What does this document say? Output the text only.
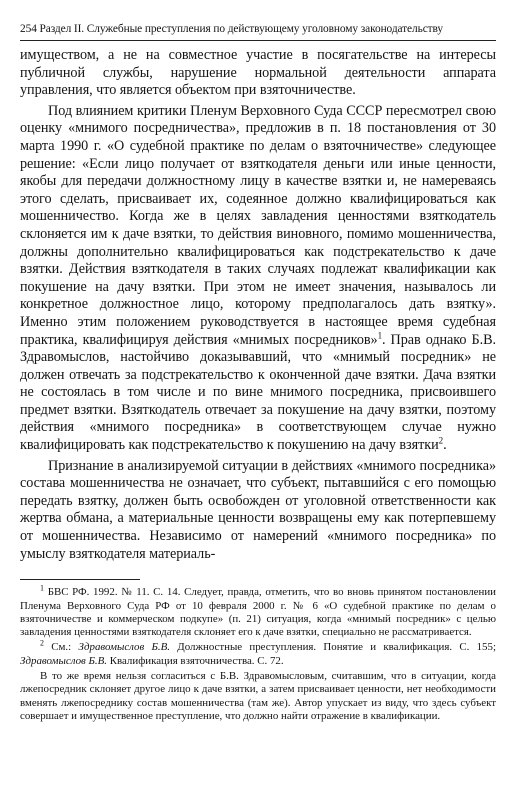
254 Раздел II. Служебные преступления по действующему уголовному законодательству

имуществом, а не на совместное участие в посягательстве на интересы публичной службы, нарушение нормальной деятельности аппарата управления, что является объектом при взяточничестве.

Под влиянием критики Пленум Верховного Суда СССР пересмотрел свою оценку «мнимого посредничества», предложив в п. 18 постановления от 30 марта 1990 г. «О судебной практике по делам о взяточничестве» следующее решение: «Если лицо получает от взяткодателя деньги или иные ценности, якобы для передачи должностному лицу в качестве взятки и, не намереваясь этого сделать, присваивает их, содеянное должно квалифицироваться как мошенничество. Когда же в целях завладения ценностями взяткодатель склоняется им к даче взятки, то действия виновного, помимо мошенничества, должны дополнительно квалифицироваться как подстрекательство к даче взятки. Действия взяткодателя в таких случаях подлежат квалификации как покушение на дачу взятки. При этом не имеет значения, называлось ли конкретное должностное лицо, которому предполагалось дать взятку». Именно этим положением руководствуется в настоящее время судебная практика, квалифицируя действия «мнимых посредников»$^1$. Прав однако Б.В. Здравомыслов, настойчиво доказывавший, что «мнимый посредник» не должен отвечать за подстрекательство к оконченной даче взятки. Дача взятки не состоялась в том числе и по вине мнимого посредника, присвоившего предмет взятки. Взяткодатель отвечает за покушение на дачу взятки, поэтому действия «мнимого посредника» в соответствующем случае нужно квалифицировать как подстрекательство к покушению на дачу взятки$^2$.

Признание в анализируемой ситуации в действиях «мнимого посредника» состава мошенничества не означает, что субъект, пытавшийся с его помощью передать взятку, должен быть освобожден от уголовной ответственности как жертва обмана, а материальные ценности возвращены ему как потерпевшему от мошенничества. Независимо от намерений «мнимого посредника» по умыслу взяткодателя материаль-

$^1$ БВС РФ. 1992. № 11. С. 14. Следует, правда, отметить, что во вновь принятом постановлении Пленума Верховного Суда РФ от 10 февраля 2000 г. № 6 «О судебной практике по делам о взяточничестве и коммерческом подкупе» (п. 21) ситуация, когда «мнимый посредник» с целью завладения ценностями взяткодателя склоняет его к даче взятки, специально не рассматривается.

$^2$ См.: Здравомыслов Б.В. Должностные преступления. Понятие и квалификация. С. 155; Здравомыслов Б.В. Квалификация взяточничества. С. 72.

В то же время нельзя согласиться с Б.В. Здравомысловым, считавшим, что в ситуации, когда лжепосредник склоняет другое лицо к даче взятки, а затем присваивает ценности, нет необходимости вменять лжепосреднику состав мошенничества (там же). Автор упускает из виду, что здесь субъект совершает и имущественное преступление, что должно найти отражение в квалификации.
